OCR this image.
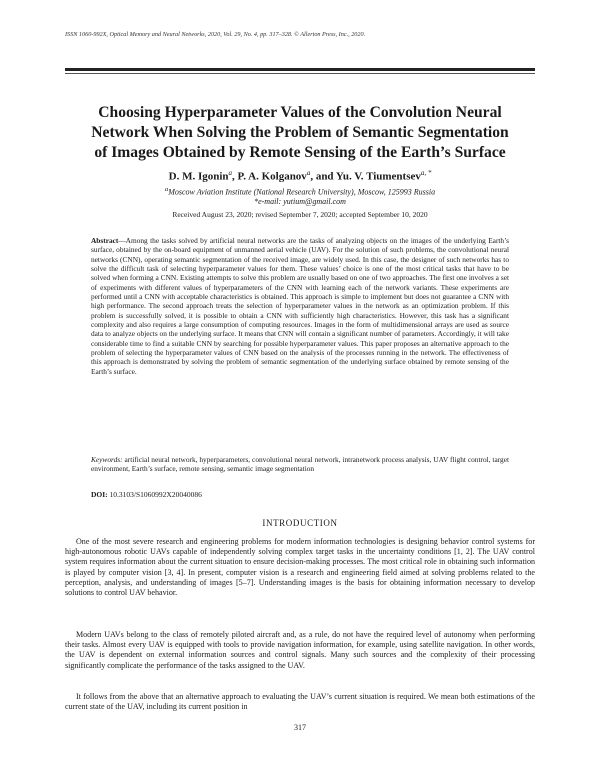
ISSN 1060-992X, Optical Memory and Neural Networks, 2020, Vol. 29, No. 4, pp. 317–328. © Allerton Press, Inc., 2020.
Choosing Hyperparameter Values of the Convolution Neural
Network When Solving the Problem of Semantic Segmentation
of Images Obtained by Remote Sensing of the Earth’s Surface
D. M. Igonin$^a$, P. A. Kolganov$^a$, and Yu. V. Tiumentsev$^{a, *}$
$^a$Moscow Aviation Institute (National Research University), Moscow, 125993 Russia
*e-mail: yutium@gmail.com
Received August 23, 2020; revised September 7, 2020; accepted September 10, 2020

Abstract—Among the tasks solved by artificial neural networks are the tasks of analyzing objects on the images of the underlying Earth’s surface, obtained by the on-board equipment of unmanned aerial vehicle (UAV). For the solution of such problems, the convolutional neural networks (CNN), operating semantic segmentation of the received image, are widely used. In this case, the designer of such networks has to solve the difficult task of selecting hyperparameter values for them. These values’ choice is one of the most critical tasks that have to be solved when forming a CNN. Existing attempts to solve this problem are usually based on one of two approaches. The first one involves a set of experiments with different values of hyperparameters of the CNN with learning each of the network variants. These experiments are performed until a CNN with acceptable characteristics is obtained. This approach is simple to implement but does not guarantee a CNN with high performance. The second approach treats the selection of hyperparameter values in the network as an optimization problem. If this problem is successfully solved, it is possible to obtain a CNN with sufficiently high characteristics. However, this task has a significant complexity and also requires a large consumption of computing resources. Images in the form of multidimensional arrays are used as source data to analyze objects on the underlying surface. It means that CNN will contain a significant number of parameters. Accordingly, it will take considerable time to find a suitable CNN by searching for possible hyperparameter values. This paper proposes an alternative approach to the problem of selecting the hyperparameter values of CNN based on the analysis of the processes running in the network. The effectiveness of this approach is demonstrated by solving the problem of semantic segmentation of the underlying surface obtained by remote sensing of the Earth’s surface.

Keywords: artificial neural network, hyperparameters, convolutional neural network, intranetwork process analysis, UAV flight control, target environment, Earth’s surface, remote sensing, semantic image segmentation

DOI: 10.3103/S1060992X20040086
INTRODUCTION

One of the most severe research and engineering problems for modern information technologies is designing behavior control systems for high-autonomous robotic UAVs capable of independently solving complex target tasks in the uncertainty conditions [1, 2]. The UAV control system requires information about the current situation to ensure decision-making processes. The most critical role in obtaining such information is played by computer vision [3, 4]. In present, computer vision is a research and engineering field aimed at solving problems related to the perception, analysis, and understanding of images [5–7]. Understanding images is the basis for obtaining information necessary to develop solutions to control UAV behavior.

Modern UAVs belong to the class of remotely piloted aircraft and, as a rule, do not have the required level of autonomy when performing their tasks. Almost every UAV is equipped with tools to provide navigation information, for example, using satellite navigation. In other words, the UAV is dependent on external information sources and control signals. Many such sources and the complexity of their processing significantly complicate the performance of the tasks assigned to the UAV.

It follows from the above that an alternative approach to evaluating the UAV’s current situation is required. We mean both estimations of the current state of the UAV, including its current position in

317
